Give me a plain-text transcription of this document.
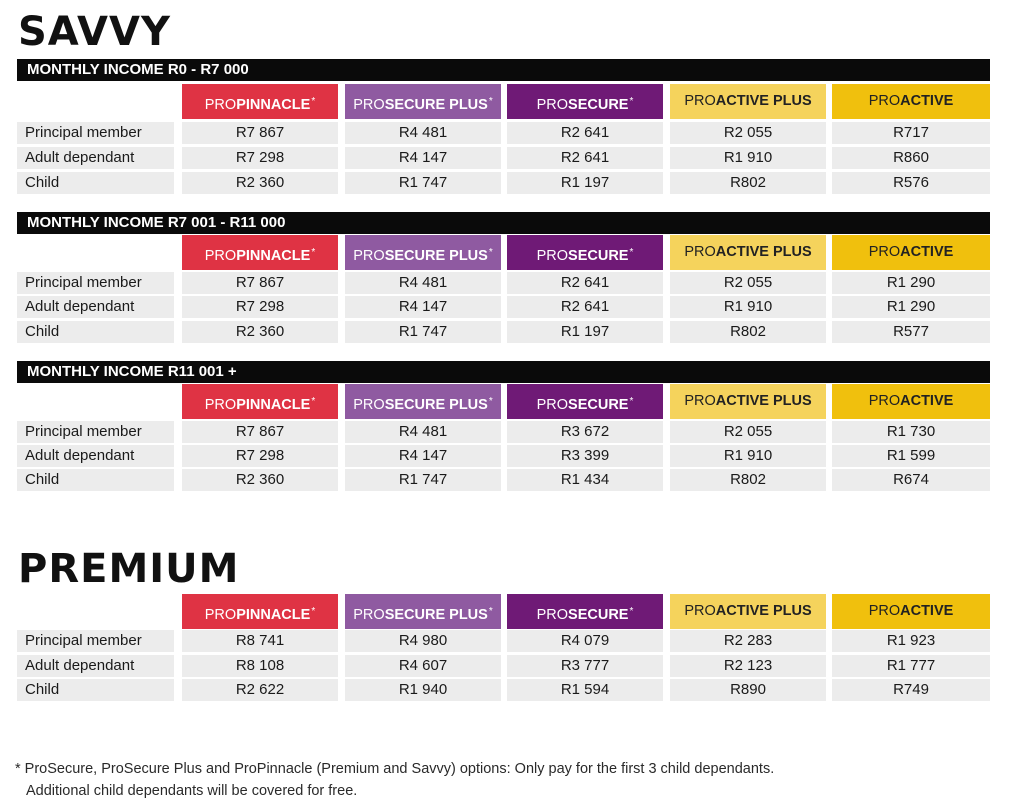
SAVVY
MONTHLY INCOME R0 - R7 000
PROPINNACLE*	PROSECURE PLUS*	PROSECURE*	PROACTIVE PLUS	PROACTIVE
Principal member	R7 867	R4 481	R2 641	R2 055	R717
Adult dependant	R7 298	R4 147	R2 641	R1 910	R860
Child	R2 360	R1 747	R1 197	R802	R576
MONTHLY INCOME R7 001 - R11 000
PROPINNACLE*	PROSECURE PLUS*	PROSECURE*	PROACTIVE PLUS	PROACTIVE
Principal member	R7 867	R4 481	R2 641	R2 055	R1 290
Adult dependant	R7 298	R4 147	R2 641	R1 910	R1 290
Child	R2 360	R1 747	R1 197	R802	R577
MONTHLY INCOME R11 001 +
PROPINNACLE*	PROSECURE PLUS*	PROSECURE*	PROACTIVE PLUS	PROACTIVE
Principal member	R7 867	R4 481	R3 672	R2 055	R1 730
Adult dependant	R7 298	R4 147	R3 399	R1 910	R1 599
Child	R2 360	R1 747	R1 434	R802	R674
PREMIUM
PROPINNACLE*	PROSECURE PLUS*	PROSECURE*	PROACTIVE PLUS	PROACTIVE
Principal member	R8 741	R4 980	R4 079	R2 283	R1 923
Adult dependant	R8 108	R4 607	R3 777	R2 123	R1 777
Child	R2 622	R1 940	R1 594	R890	R749
* ProSecure, ProSecure Plus and ProPinnacle (Premium and Savvy) options: Only pay for the first 3 child dependants.
Additional child dependants will be covered for free.
